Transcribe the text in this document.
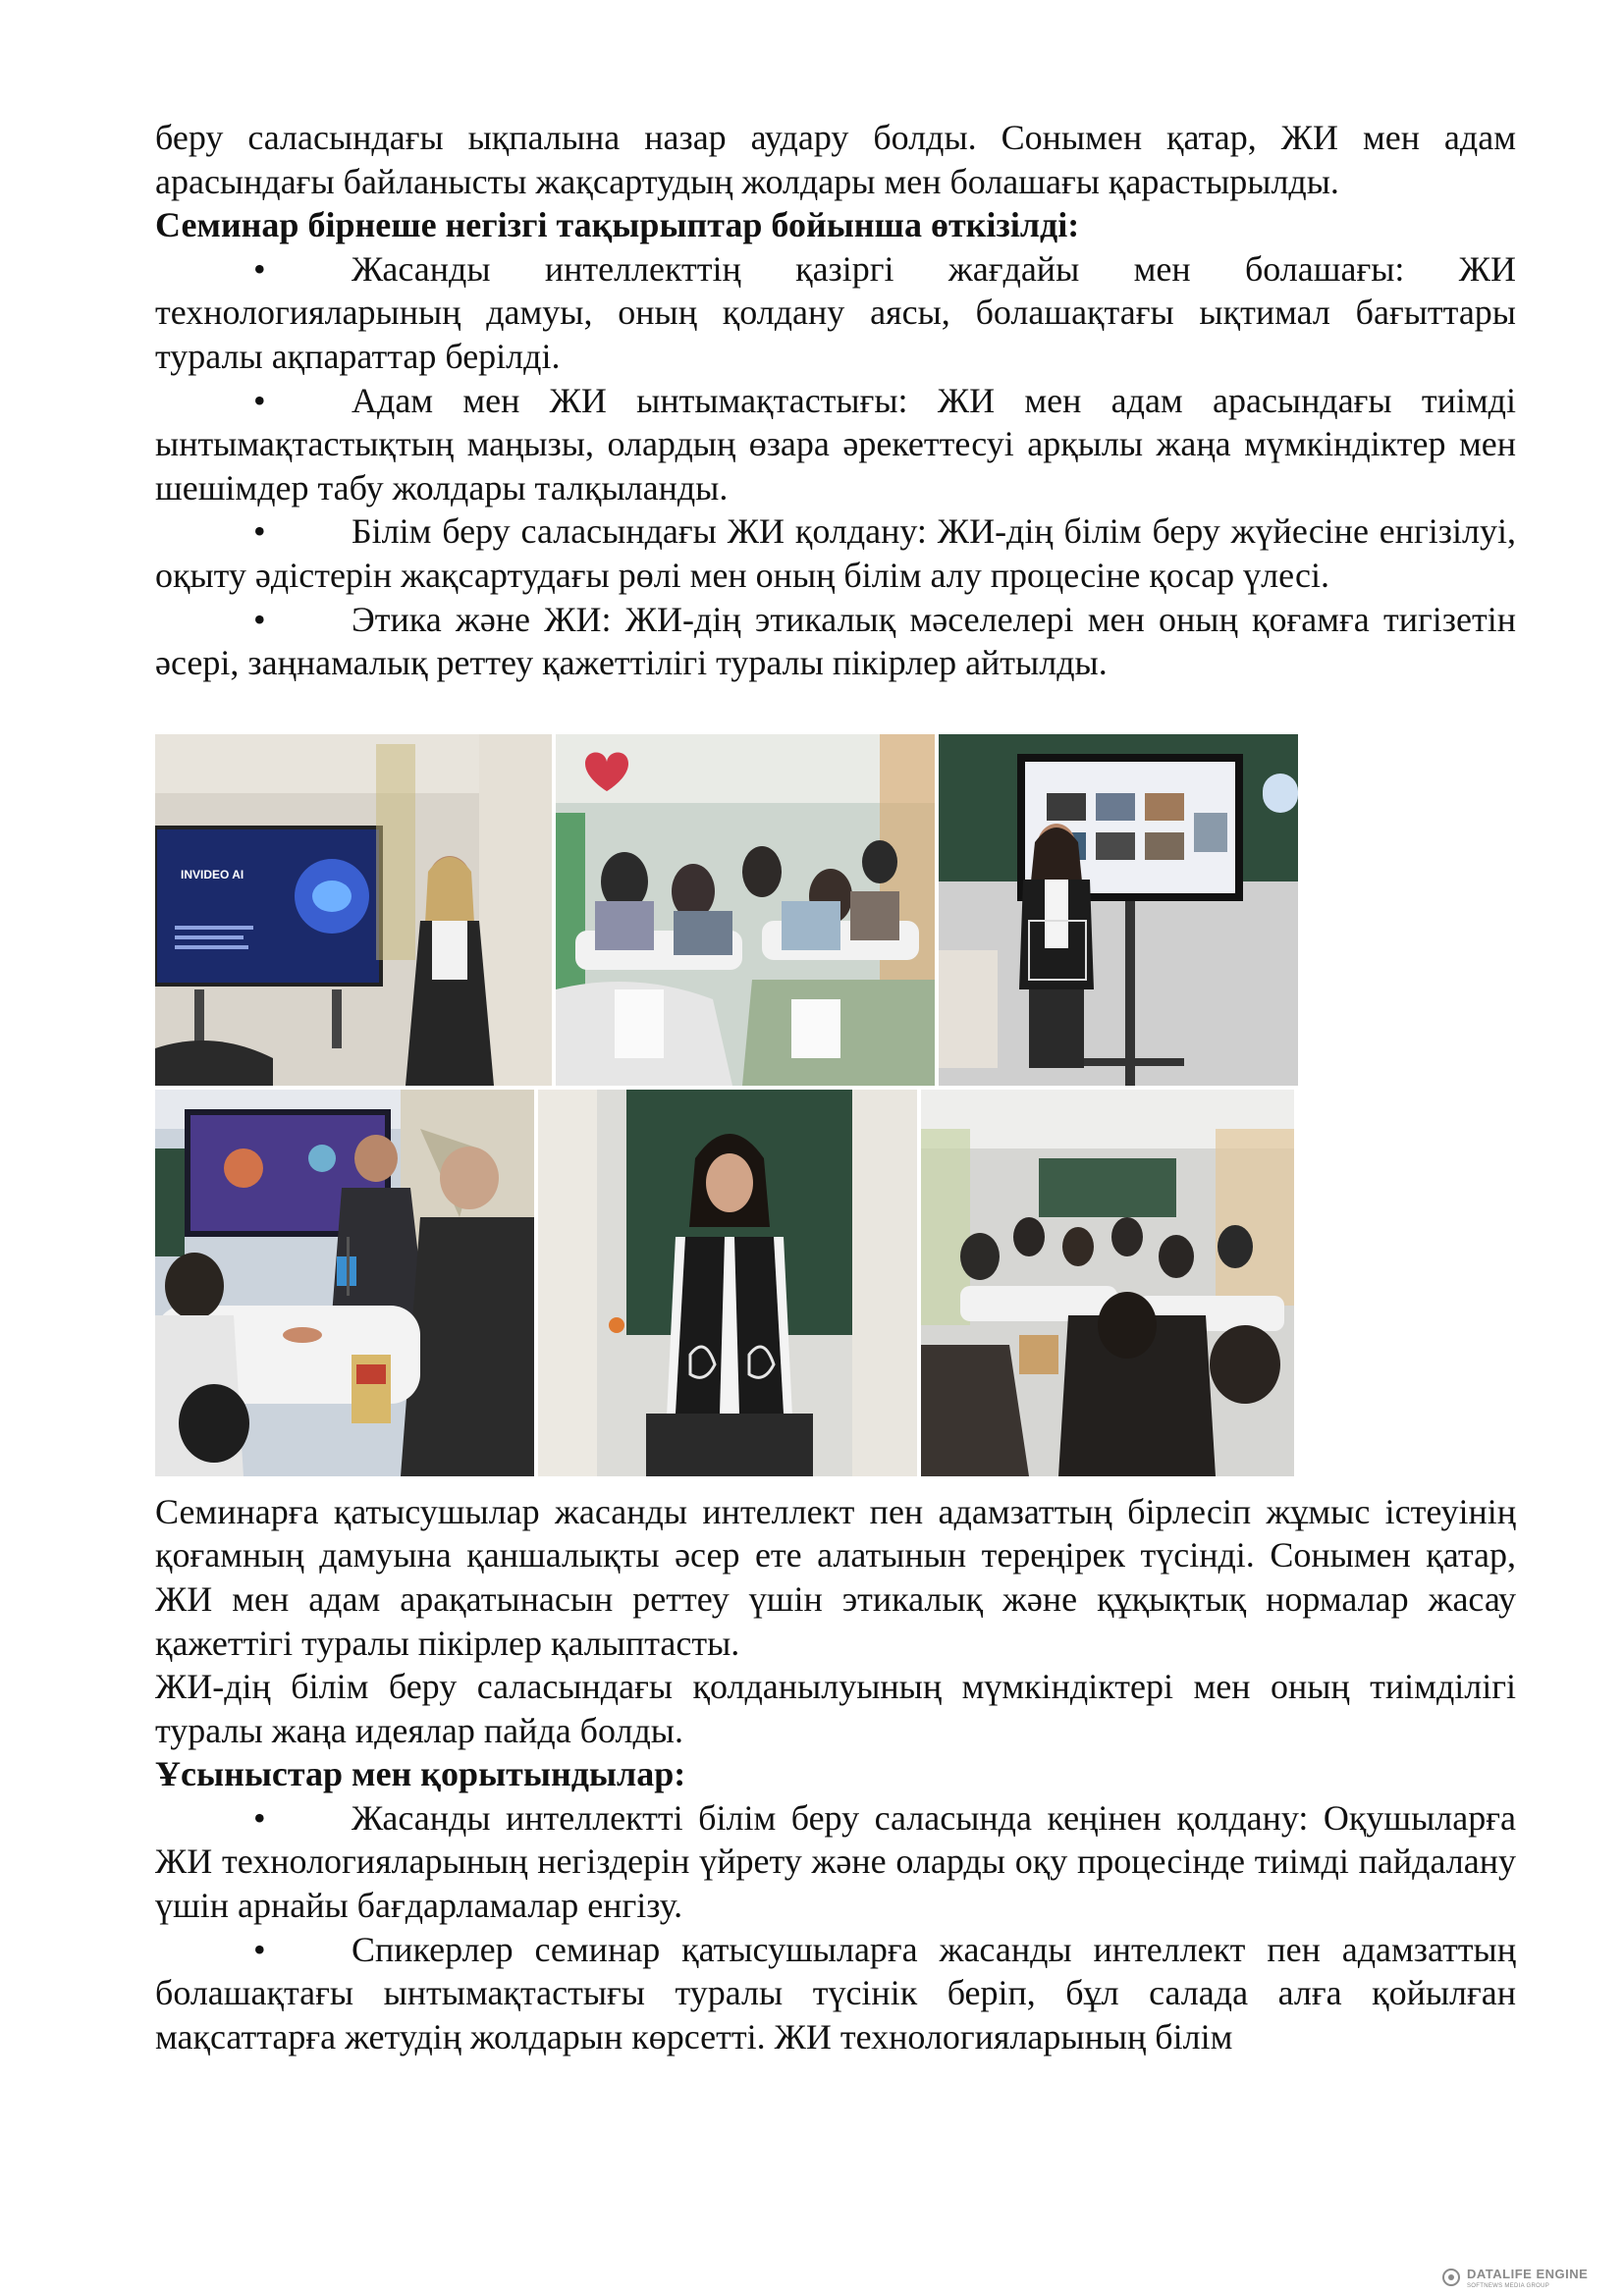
беру саласындағы ықпалына назар аудару болды. Сонымен қатар, ЖИ мен адам арасындағы байланысты жақсартудың жолдары мен болашағы қарастырылды.

Семинар бірнеше негізгі тақырыптар бойынша өткізілді:

• Жасанды интеллекттің қазіргі жағдайы мен болашағы: ЖИ технологияларының дамуы, оның қолдану аясы, болашақтағы ықтимал бағыттары туралы ақпараттар берілді.

• Адам мен ЖИ ынтымақтастығы: ЖИ мен адам арасындағы тиімді ынтымақтастықтың маңызы, олардың өзара әрекеттесуі арқылы жаңа мүмкіндіктер мен шешімдер табу жолдары талқыланды.

• Білім беру саласындағы ЖИ қолдану: ЖИ-дің білім беру жүйесіне енгізілуі, оқыту әдістерін жақсартудағы рөлі мен оның білім алу процесіне қосар үлесі.

• Этика және ЖИ: ЖИ-дің этикалық мәселелері мен оның қоғамға тигізетін әсері, заңнамалық реттеу қажеттілігі туралы пікірлер айтылды.

INVIDEO AI

Семинарға қатысушылар жасанды интеллект пен адамзаттың бірлесіп жұмыс істеуінің қоғамның дамуына қаншалықты әсер ете алатынын тереңірек түсінді. Сонымен қатар, ЖИ мен адам арақатынасын реттеу үшін этикалық және құқықтық нормалар жасау қажеттігі туралы пікірлер қалыптасты.

ЖИ-дің білім беру саласындағы қолданылуының мүмкіндіктері мен оның тиімділігі туралы жаңа идеялар пайда болды.

Ұсыныстар мен қорытындылар:

• Жасанды интеллектті білім беру саласында кеңінен қолдану: Оқушыларға ЖИ технологияларының негіздерін үйрету және оларды оқу процесінде тиімді пайдалану үшін арнайы бағдарламалар енгізу.

• Спикерлер семинар қатысушыларға жасанды интеллект пен адамзаттың болашақтағы ынтымақтастығы туралы түсінік беріп, бұл салада алға қойылған мақсаттарға жетудің жолдарын көрсетті. ЖИ технологияларының білім

DATALIFE ENGINE
SOFTNEWS MEDIA GROUP
